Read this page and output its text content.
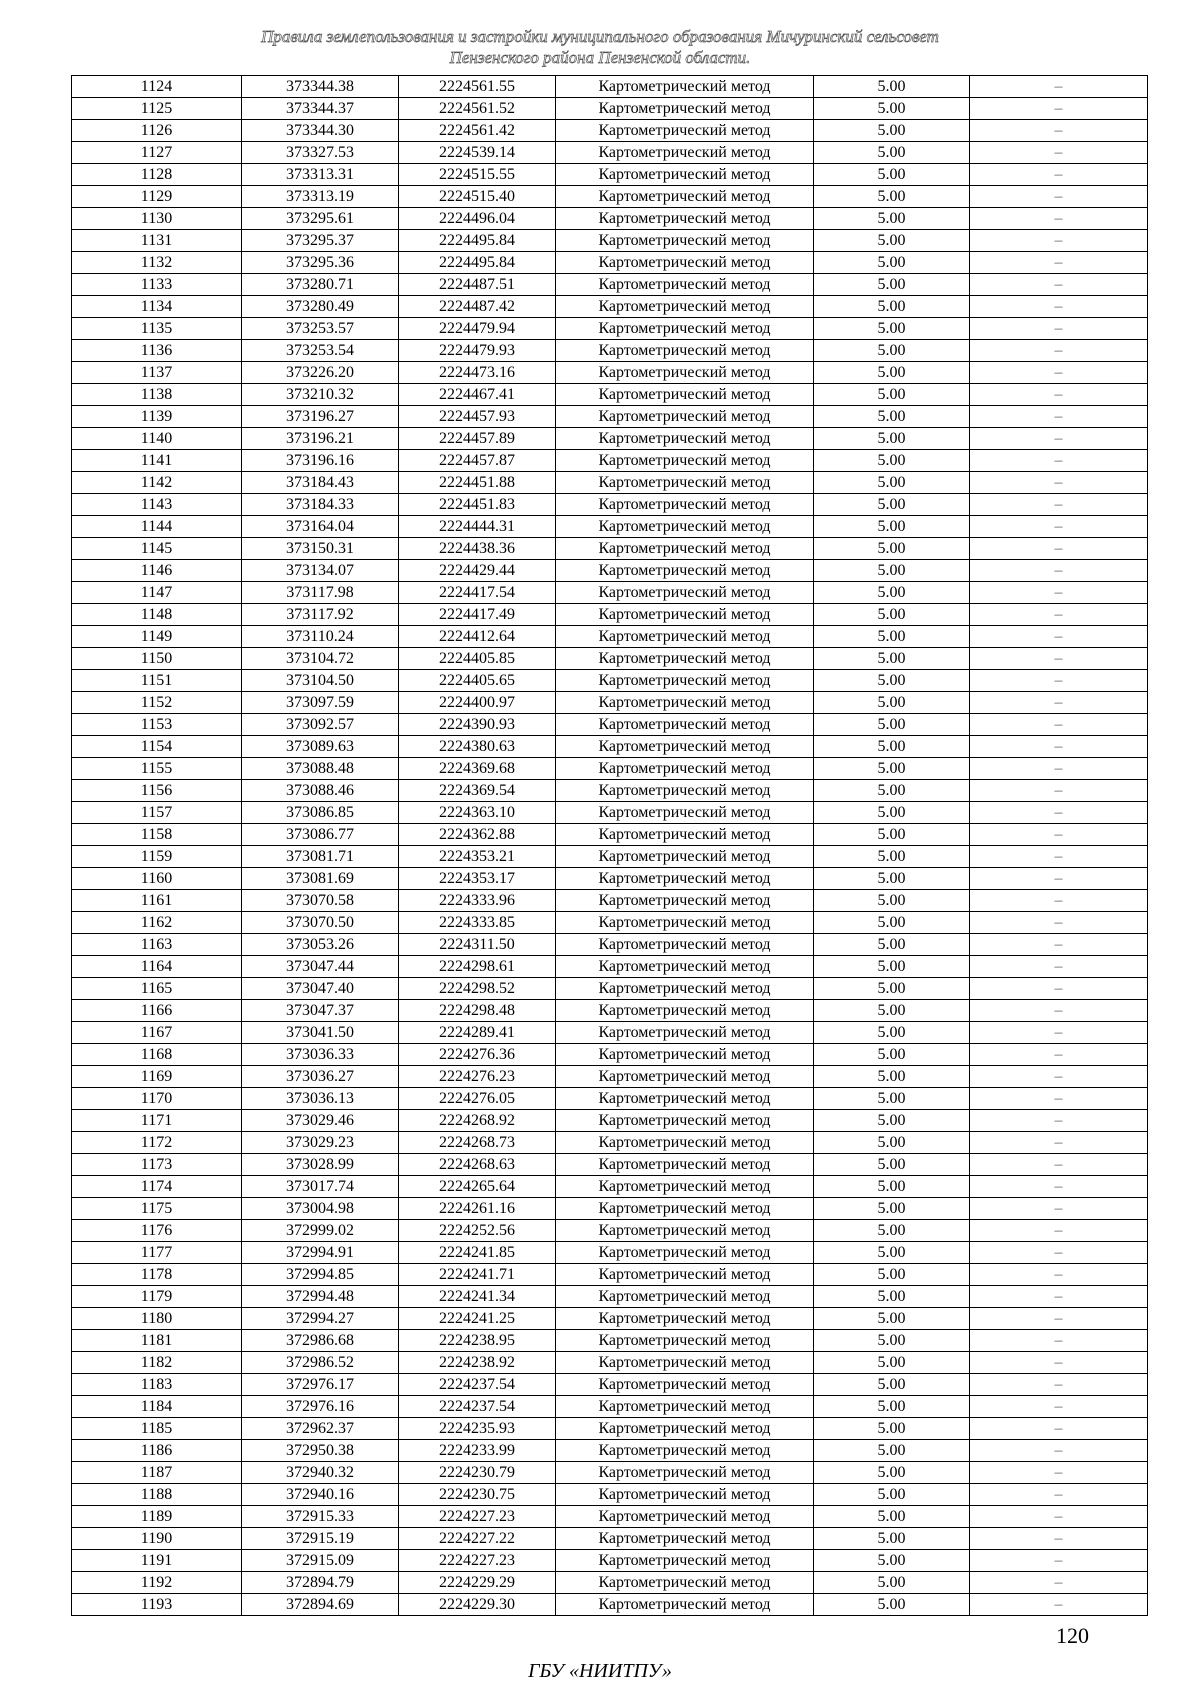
Правила землепользования и застройки муниципального образования Мичуринский сельсовет
Пензенского района Пензенской области.
1124	373344.38	2224561.55	Картометрический метод	5.00	–
1125	373344.37	2224561.52	Картометрический метод	5.00	–
1126	373344.30	2224561.42	Картометрический метод	5.00	–
1127	373327.53	2224539.14	Картометрический метод	5.00	–
1128	373313.31	2224515.55	Картометрический метод	5.00	–
1129	373313.19	2224515.40	Картометрический метод	5.00	–
1130	373295.61	2224496.04	Картометрический метод	5.00	–
1131	373295.37	2224495.84	Картометрический метод	5.00	–
1132	373295.36	2224495.84	Картометрический метод	5.00	–
1133	373280.71	2224487.51	Картометрический метод	5.00	–
1134	373280.49	2224487.42	Картометрический метод	5.00	–
1135	373253.57	2224479.94	Картометрический метод	5.00	–
1136	373253.54	2224479.93	Картометрический метод	5.00	–
1137	373226.20	2224473.16	Картометрический метод	5.00	–
1138	373210.32	2224467.41	Картометрический метод	5.00	–
1139	373196.27	2224457.93	Картометрический метод	5.00	–
1140	373196.21	2224457.89	Картометрический метод	5.00	–
1141	373196.16	2224457.87	Картометрический метод	5.00	–
1142	373184.43	2224451.88	Картометрический метод	5.00	–
1143	373184.33	2224451.83	Картометрический метод	5.00	–
1144	373164.04	2224444.31	Картометрический метод	5.00	–
1145	373150.31	2224438.36	Картометрический метод	5.00	–
1146	373134.07	2224429.44	Картометрический метод	5.00	–
1147	373117.98	2224417.54	Картометрический метод	5.00	–
1148	373117.92	2224417.49	Картометрический метод	5.00	–
1149	373110.24	2224412.64	Картометрический метод	5.00	–
1150	373104.72	2224405.85	Картометрический метод	5.00	–
1151	373104.50	2224405.65	Картометрический метод	5.00	–
1152	373097.59	2224400.97	Картометрический метод	5.00	–
1153	373092.57	2224390.93	Картометрический метод	5.00	–
1154	373089.63	2224380.63	Картометрический метод	5.00	–
1155	373088.48	2224369.68	Картометрический метод	5.00	–
1156	373088.46	2224369.54	Картометрический метод	5.00	–
1157	373086.85	2224363.10	Картометрический метод	5.00	–
1158	373086.77	2224362.88	Картометрический метод	5.00	–
1159	373081.71	2224353.21	Картометрический метод	5.00	–
1160	373081.69	2224353.17	Картометрический метод	5.00	–
1161	373070.58	2224333.96	Картометрический метод	5.00	–
1162	373070.50	2224333.85	Картометрический метод	5.00	–
1163	373053.26	2224311.50	Картометрический метод	5.00	–
1164	373047.44	2224298.61	Картометрический метод	5.00	–
1165	373047.40	2224298.52	Картометрический метод	5.00	–
1166	373047.37	2224298.48	Картометрический метод	5.00	–
1167	373041.50	2224289.41	Картометрический метод	5.00	–
1168	373036.33	2224276.36	Картометрический метод	5.00	–
1169	373036.27	2224276.23	Картометрический метод	5.00	–
1170	373036.13	2224276.05	Картометрический метод	5.00	–
1171	373029.46	2224268.92	Картометрический метод	5.00	–
1172	373029.23	2224268.73	Картометрический метод	5.00	–
1173	373028.99	2224268.63	Картометрический метод	5.00	–
1174	373017.74	2224265.64	Картометрический метод	5.00	–
1175	373004.98	2224261.16	Картометрический метод	5.00	–
1176	372999.02	2224252.56	Картометрический метод	5.00	–
1177	372994.91	2224241.85	Картометрический метод	5.00	–
1178	372994.85	2224241.71	Картометрический метод	5.00	–
1179	372994.48	2224241.34	Картометрический метод	5.00	–
1180	372994.27	2224241.25	Картометрический метод	5.00	–
1181	372986.68	2224238.95	Картометрический метод	5.00	–
1182	372986.52	2224238.92	Картометрический метод	5.00	–
1183	372976.17	2224237.54	Картометрический метод	5.00	–
1184	372976.16	2224237.54	Картометрический метод	5.00	–
1185	372962.37	2224235.93	Картометрический метод	5.00	–
1186	372950.38	2224233.99	Картометрический метод	5.00	–
1187	372940.32	2224230.79	Картометрический метод	5.00	–
1188	372940.16	2224230.75	Картометрический метод	5.00	–
1189	372915.33	2224227.23	Картометрический метод	5.00	–
1190	372915.19	2224227.22	Картометрический метод	5.00	–
1191	372915.09	2224227.23	Картометрический метод	5.00	–
1192	372894.79	2224229.29	Картометрический метод	5.00	–
1193	372894.69	2224229.30	Картометрический метод	5.00	–
120
ГБУ «НИИТПУ»
